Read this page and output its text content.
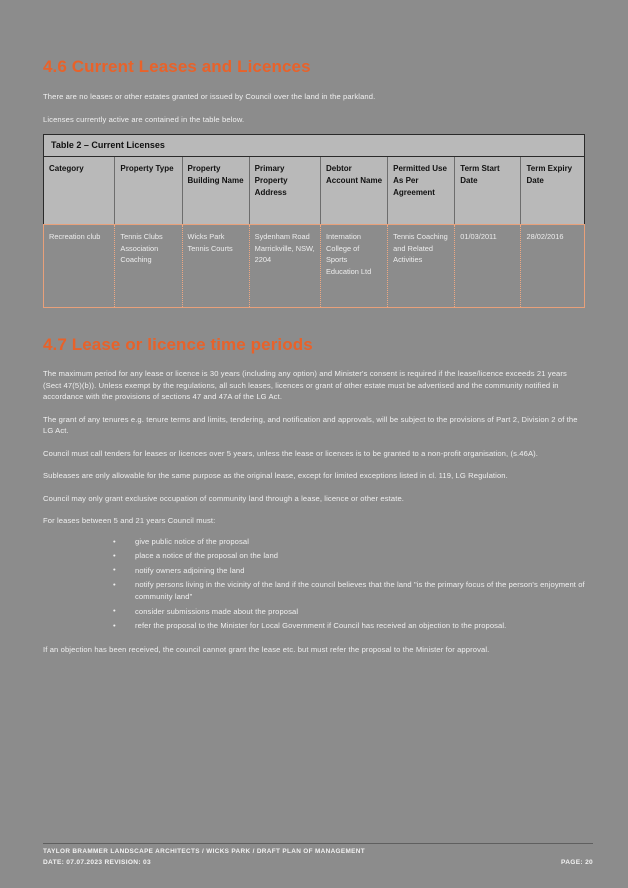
4.6 Current Leases and Licences

There are no leases or other estates granted or issued by Council over the land in the parkland.

Licenses currently active are contained in the table below.

Table 2 – Current Licenses
Category	Property Type	Property Building Name	Primary Property Address	Debtor Account Name	Permitted Use As Per Agreement	Term Start Date	Term Expiry Date
Recreation club	Tennis Clubs Association Coaching	Wicks Park Tennis Courts	Sydenham Road Marrickville, NSW, 2204	Internation College of Sports Education Ltd	Tennis Coaching and Related Activities	01/03/2011	28/02/2016
4.7 Lease or licence time periods

The maximum period for any lease or licence is 30 years (including any option) and Minister's consent is required if the lease/licence exceeds 21 years (Sect 47(5)(b)). Unless exempt by the regulations, all such leases, licences or grant of other estate must be advertised and the community notified in accordance with the provisions of sections 47 and 47A of the LG Act.

The grant of any tenures e.g. tenure terms and limits, tendering, and notification and approvals, will be subject to the provisions of Part 2, Division 2 of the LG Act.

Council must call tenders for leases or licences over 5 years, unless the lease or licences is to be granted to a non-profit organisation, (s.46A).

Subleases are only allowable for the same purpose as the original lease, except for limited exceptions listed in cl. 119, LG Regulation.

Council may only grant exclusive occupation of community land through a lease, licence or other estate.

For leases between 5 and 21 years Council must:

• give public notice of the proposal
• place a notice of the proposal on the land
• notify owners adjoining the land
• notify persons living in the vicinity of the land if the council believes that the land "is the primary focus of the person's enjoyment of community land"
• consider submissions made about the proposal
• refer the proposal to the Minister for Local Government if Council has received an objection to the proposal.

If an objection has been received, the council cannot grant the lease etc. but must refer the proposal to the Minister for approval.

TAYLOR BRAMMER LANDSCAPE ARCHITECTS / WICKS PARK / DRAFT PLAN OF MANAGEMENT
DATE: 07.07.2023 REVISION: 03	PAGE: 20
